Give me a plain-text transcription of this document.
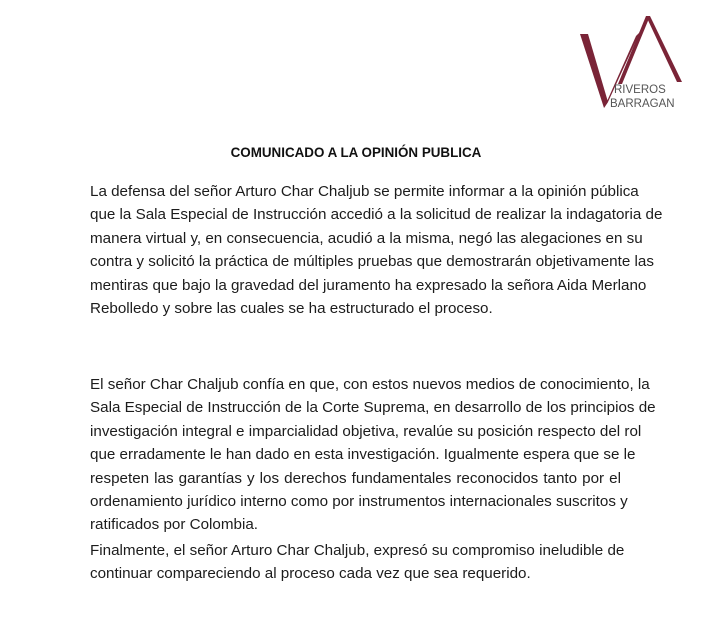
RIVEROS
BARRAGAN
COMUNICADO A LA OPINIÓN PUBLICA
La defensa del señor Arturo Char Chaljub se permite informar a la opinión pública
que la Sala Especial de Instrucción accedió a la solicitud de realizar la indagatoria de
manera virtual y, en consecuencia, acudió a la misma, negó las alegaciones en su
contra y solicitó la práctica de múltiples pruebas que demostrarán objetivamente las
mentiras que bajo la gravedad del juramento ha expresado la señora Aida Merlano
Rebolledo y sobre las cuales se ha estructurado el proceso.
El señor Char Chaljub confía en que, con estos nuevos medios de conocimiento, la
Sala Especial de Instrucción de la Corte Suprema, en desarrollo de los principios de
investigación integral e imparcialidad objetiva, revalúe su posición respecto del rol
que erradamente le han dado en esta investigación. Igualmente espera que se le
respeten las garantías y los derechos fundamentales reconocidos tanto por el
ordenamiento jurídico interno como por instrumentos internacionales suscritos y
ratificados por Colombia.
Finalmente, el señor Arturo Char Chaljub, expresó su compromiso ineludible de
continuar compareciendo al proceso cada vez que sea requerido.
